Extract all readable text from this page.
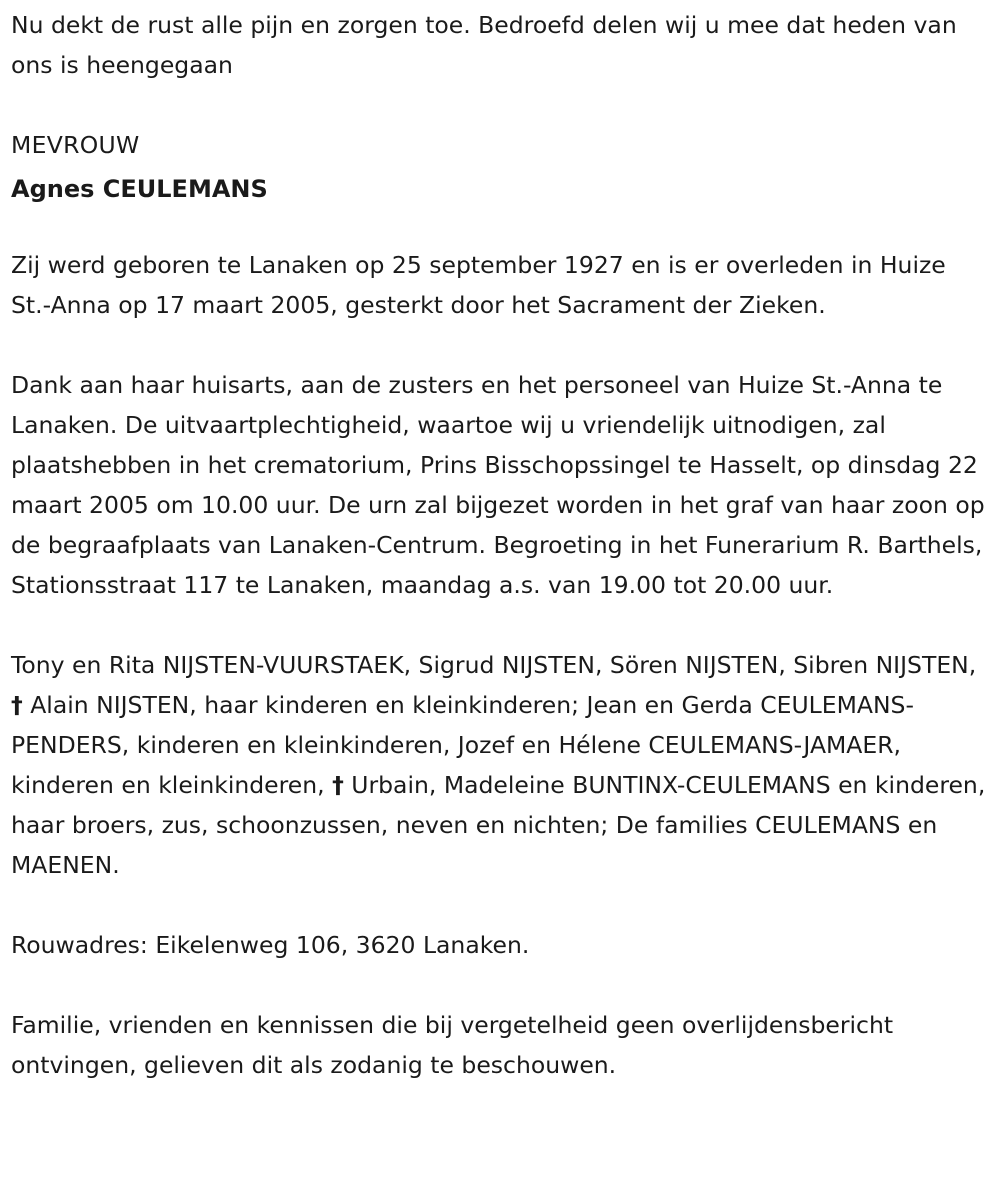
Nu dekt de rust alle pijn en zorgen toe. Bedroefd delen wij u mee dat heden van ons is heengegaan

MEVROUW

Agnes CEULEMANS

Zij werd geboren te Lanaken op 25 september 1927 en is er overleden in Huize St.-Anna op 17 maart 2005, gesterkt door het Sacrament der Zieken.

Dank aan haar huisarts, aan de zusters en het personeel van Huize St.-Anna te Lanaken. De uitvaartplechtigheid, waartoe wij u vriendelijk uitnodigen, zal plaatshebben in het crematorium, Prins Bisschopssingel te Hasselt, op dinsdag 22 maart 2005 om 10.00 uur. De urn zal bijgezet worden in het graf van haar zoon op de begraafplaats van Lanaken-Centrum. Begroeting in het Funerarium R. Barthels, Stationsstraat 117 te Lanaken, maandag a.s. van 19.00 tot 20.00 uur.

Tony en Rita NIJSTEN-VUURSTAEK, Sigrud NIJSTEN, Sören NIJSTEN, Sibren NIJSTEN, † Alain NIJSTEN, haar kinderen en kleinkinderen; Jean en Gerda CEULEMANS-PENDERS, kinderen en kleinkinderen, Jozef en Hélene CEULEMANS-JAMAER, kinderen en kleinkinderen, † Urbain, Madeleine BUNTINX-CEULEMANS en kinderen, haar broers, zus, schoonzussen, neven en nichten; De families CEULEMANS en MAENEN.

Rouwadres: Eikelenweg 106, 3620 Lanaken.

Familie, vrienden en kennissen die bij vergetelheid geen overlijdensbericht ontvingen, gelieven dit als zodanig te beschouwen.
